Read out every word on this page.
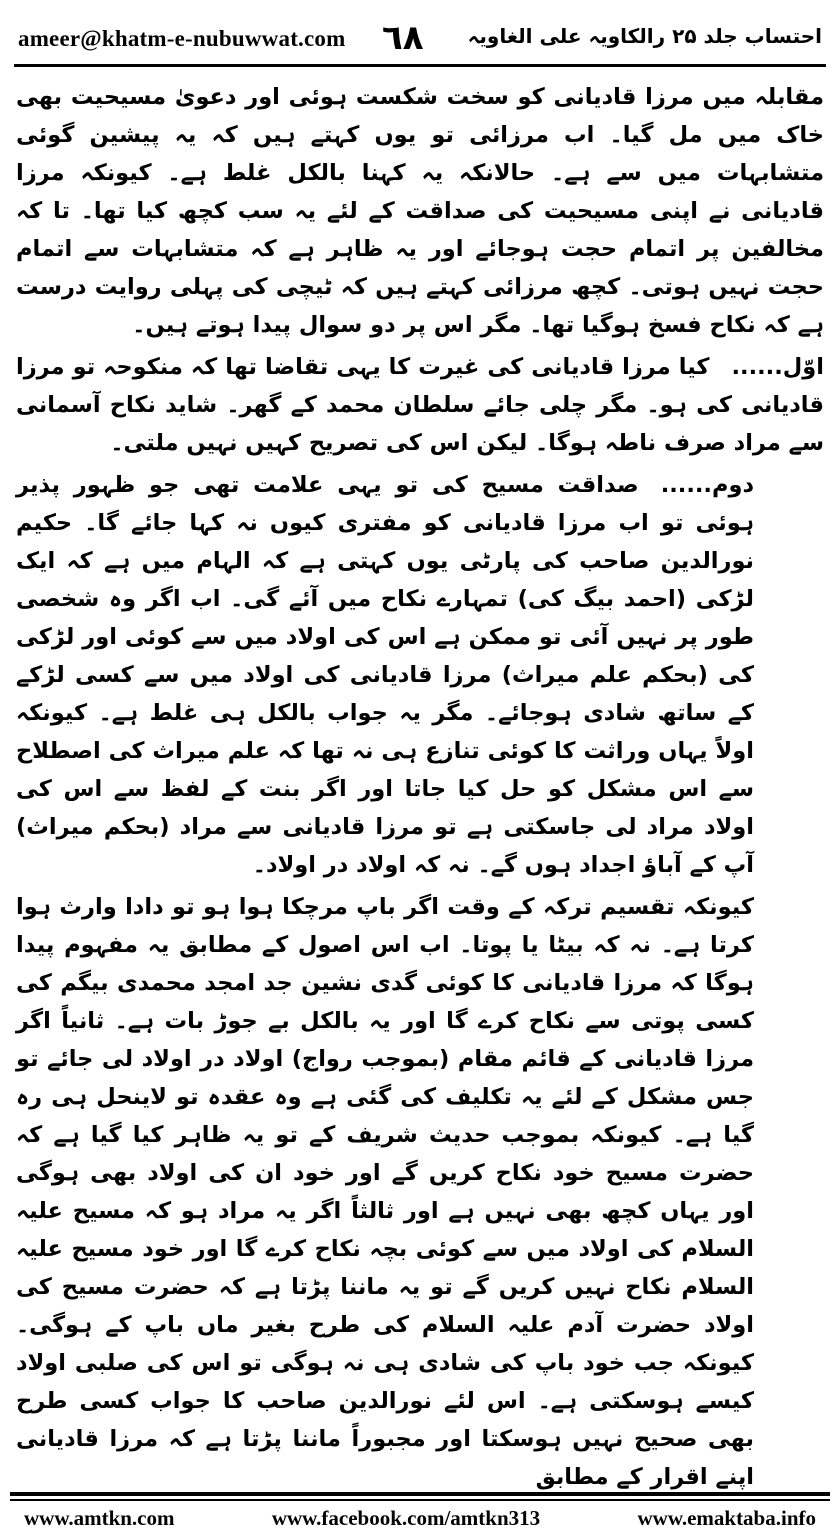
ameer@khatm-e-nubuwwat.com ٦٨ احتساب جلد ۲۵ رالکاویہ علی الغاویہ

مقابلہ میں مرزا قادیانی کو سخت شکست ہوئی اور دعویٰ مسیحیت بھی خاک میں مل گیا۔ اب مرزائی تو یوں کہتے ہیں کہ یہ پیشین گوئی متشابہات میں سے ہے۔ حالانکہ یہ کہنا بالکل غلط ہے۔ کیونکہ مرزا قادیانی نے اپنی مسیحیت کی صداقت کے لئے یہ سب کچھ کیا تھا۔ تا کہ مخالفین پر اتمام حجت ہوجائے اور یہ ظاہر ہے کہ متشابہات سے اتمام حجت نہیں ہوتی۔ کچھ مرزائی کہتے ہیں کہ ٹیچی کی پہلی روایت درست ہے کہ نکاح فسخ ہوگیا تھا۔ مگر اس پر دو سوال پیدا ہوتے ہیں۔

اوّل......کیا مرزا قادیانی کی غیرت کا یہی تقاضا تھا کہ منکوحہ تو مرزا قادیانی کی ہو۔ مگر چلی جائے سلطان محمد کے گھر۔ شاید نکاح آسمانی سے مراد صرف ناطہ ہوگا۔ لیکن اس کی تصریح کہیں نہیں ملتی۔

دوم......صداقت مسیح کی تو یہی علامت تھی جو ظہور پذیر ہوئی تو اب مرزا قادیانی کو مفتری کیوں نہ کہا جائے گا۔ حکیم نورالدین صاحب کی پارٹی یوں کہتی ہے کہ الہام میں ہے کہ ایک لڑکی (احمد بیگ کی) تمہارے نکاح میں آئے گی۔ اب اگر وہ شخصی طور پر نہیں آئی تو ممکن ہے اس کی اولاد میں سے کوئی اور لڑکی کی (بحکم علم میراث) مرزا قادیانی کی اولاد میں سے کسی لڑکے کے ساتھ شادی ہوجائے۔ مگر یہ جواب بالکل ہی غلط ہے۔ کیونکہ اولاً یہاں وراثت کا کوئی تنازع ہی نہ تھا کہ علم میراث کی اصطلاح سے اس مشکل کو حل کیا جاتا اور اگر بنت کے لفظ سے اس کی اولاد مراد لی جاسکتی ہے تو مرزا قادیانی سے مراد (بحکم میراث) آپ کے آباؤ اجداد ہوں گے۔ نہ کہ اولاد در اولاد۔

کیونکہ تقسیم ترکہ کے وقت اگر باپ مرچکا ہوا ہو تو دادا وارث ہوا کرتا ہے۔ نہ کہ بیٹا یا پوتا۔ اب اس اصول کے مطابق یہ مفہوم پیدا ہوگا کہ مرزا قادیانی کا کوئی گدی نشین جد امجد محمدی بیگم کی کسی پوتی سے نکاح کرے گا اور یہ بالکل بے جوڑ بات ہے۔ ثانیاً اگر مرزا قادیانی کے قائم مقام (بموجب رواج) اولاد در اولاد لی جائے تو جس مشکل کے لئے یہ تکلیف کی گئی ہے وہ عقدہ تو لاینحل ہی رہ گیا ہے۔ کیونکہ بموجب حدیث شریف کے تو یہ ظاہر کیا گیا ہے کہ حضرت مسیح خود نکاح کریں گے اور خود ان کی اولاد بھی ہوگی اور یہاں کچھ بھی نہیں ہے اور ثالثاً اگر یہ مراد ہو کہ مسیح علیہ السلام کی اولاد میں سے کوئی بچہ نکاح کرے گا اور خود مسیح علیہ السلام نکاح نہیں کریں گے تو یہ ماننا پڑتا ہے کہ حضرت مسیح کی اولاد حضرت آدم علیہ السلام کی طرح بغیر ماں باپ کے ہوگی۔ کیونکہ جب خود باپ کی شادی ہی نہ ہوگی تو اس کی صلبی اولاد کیسے ہوسکتی ہے۔ اس لئے نورالدین صاحب کا جواب کسی طرح بھی صحیح نہیں ہوسکتا اور مجبوراً ماننا پڑتا ہے کہ مرزا قادیانی اپنے اقرار کے مطابق

www.amtkn.com	www.facebook.com/amtkn313	www.emaktaba.info
